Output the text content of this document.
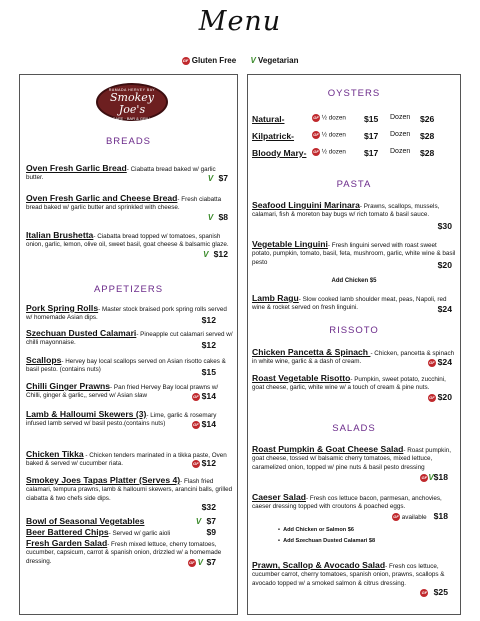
Menu
GF Gluten Free V Vegetarian
RAMADA HERVEY BAY
Smokey Joe's
CAFE · BAR & GRILL
BREADS
Oven Fresh Garlic Bread- Ciabatta bread baked w/ garlic butter.	V $7
Oven Fresh Garlic and Cheese Bread- Fresh ciabatta bread baked w/ garlic butter and sprinkled with cheese.
V $8
Italian Brushetta- Ciabatta bread topped w/ tomatoes, spanish onion, garlic, lemon, olive oil, sweet basil, goat cheese & balsamic glaze.
V $12
APPETIZERS
Pork Spring Rolls- Master stock braised pork spring rolls served w/ homemade Asian dips.	$12
Szechuan Dusted Calamari- Pineapple cut calamari served w/ chilli mayonnaise.	$12
Scallops- Hervey bay local scallops served on Asian risotto cakes & basil pesto. (contains nuts)	$15
Chilli Ginger Prawns- Pan fried Hervey Bay local prawns w/ Chilli, ginger & garlic,, served w/ Asian slaw	GF $14
Lamb & Halloumi Skewers (3)- Lime, garlic & rosemary infused lamb served w/ basil pesto.(contains nuts)	GF $14
Chicken Tikka - Chicken tenders marinated in a tikka paste, Oven baked & served w/ cucumber riata.	GF $12
Smokey Joes Tapas Platter (Serves 4)- Flash fried calamari, tempura prawns, lamb & halloumi skewers, arancini balls, grilled ciabatta & two chefs side dips.
$32
Bowl of Seasonal Vegetables	V $7
Beer Battered Chips- Served w/ garlic aioli	$9
Fresh Garden Salad- Fresh mixed lettuce, cherry tomatoes, cucumber, capsicum, carrot & spanish onion, drizzled w/ a homemade dressing.	GF V $7
OYSTERS
Natural-	GF ½ dozen $15 Dozen $26
Kilpatrick-	GF ½ dozen $17 Dozen $28
Bloody Mary-	GF ½ dozen $17 Dozen $28
PASTA
Seafood Linguini Marinara- Prawns, scallops, mussels, calamari, fish & moreton bay bugs w/ rich tomato & basil sauce.
$30
Vegetable Linguini- Fresh linguini served with roast sweet potato, pumpkin, tomato, basil, feta, mushroom, garlic, white wine & basil pesto	$20
Add Chicken $5
Lamb Ragu- Slow cooked lamb shoulder meat, peas, Napoli, red wine & rocket served on fresh linguini.	$24
RISSOTO
Chicken Pancetta & Spinach - Chicken, pancetta & spinach in white wine, garlic & a dash of cream.	GF $24
Roast Vegetable Risotto- Pumpkin, sweet potato, zucchini, goat cheese, garlic, white wine w/ a touch of cream & pine nuts.
GF $20
SALADS
Roast Pumpkin & Goat Cheese Salad- Roast pumpkin, goat cheese, tossed w/ balsamic cherry tomatoes, mixed lettuce, caramelized onion, topped w/ pine nuts & basil pesto dressing
GFV$18
Caeser Salad- Fresh cos lettuce bacon, parmesan, anchovies, caeser dressing topped with croutons & poached eggs.
GF available $18
•  Add Chicken or Salmon $6
•  Add Szechuan Dusted Calamari $8
Prawn, Scallop & Avocado Salad- Fresh cos lettuce, cucumber carrot, cherry tomatoes, spanish onion, prawns, scallops & avocado topped w/ a smoked salmon & citrus dressing.
GF $25
